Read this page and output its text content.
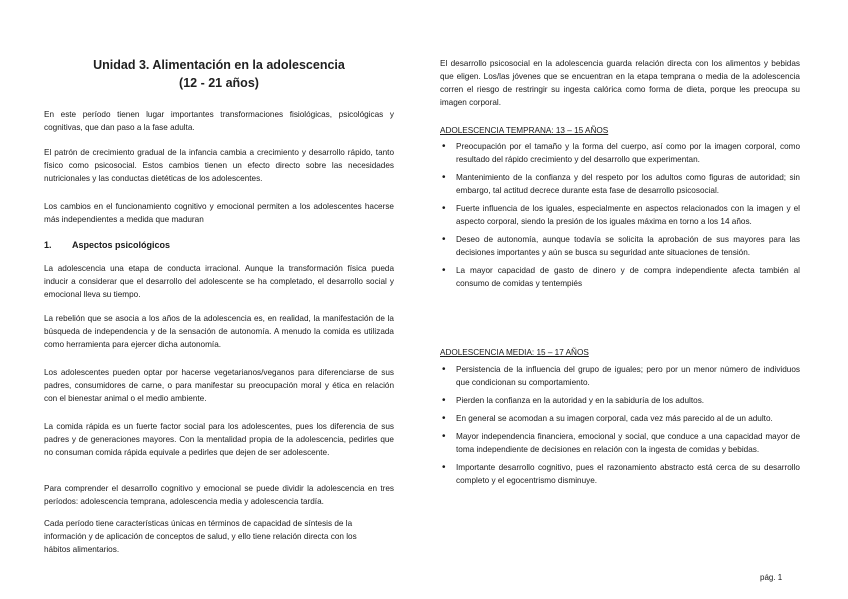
Unidad 3. Alimentación en la adolescencia
(12 - 21 años)

En este período tienen lugar importantes transformaciones fisiológicas, psicológicas y cognitivas, que dan paso a la fase adulta.

El patrón de crecimiento gradual de la infancia cambia a crecimiento y desarrollo rápido, tanto físico como psicosocial. Estos cambios tienen un efecto directo sobre las necesidades nutricionales y las conductas dietéticas de los adolescentes.

Los cambios en el funcionamiento cognitivo y emocional permiten a los adolescentes hacerse más independientes a medida que maduran

1. Aspectos psicológicos

La adolescencia una etapa de conducta irracional. Aunque la transformación física pueda inducir a considerar que el desarrollo del adolescente se ha completado, el desarrollo social y emocional lleva su tiempo.

La rebelión que se asocia a los años de la adolescencia es, en realidad, la manifestación de la búsqueda de independencia y de la sensación de autonomía. A menudo la comida es utilizada como herramienta para ejercer dicha autonomía.

Los adolescentes pueden optar por hacerse vegetarianos/veganos para diferenciarse de sus padres, consumidores de carne, o para manifestar su preocupación moral y ética en relación con el bienestar animal o el medio ambiente.

La comida rápida es un fuerte factor social para los adolescentes, pues los diferencia de sus padres y de generaciones mayores. Con la mentalidad propia de la adolescencia, pedirles que no consuman comida rápida equivale a pedirles que dejen de ser adolescente.

Para comprender el desarrollo cognitivo y emocional se puede dividir la adolescencia en tres períodos: adolescencia temprana, adolescencia media y adolescencia tardía.

Cada período tiene características únicas en términos de capacidad de síntesis de la información y de aplicación de conceptos de salud, y ello tiene relación directa con los hábitos alimentarios.

El desarrollo psicosocial en la adolescencia guarda relación directa con los alimentos y bebidas que eligen. Los/las jóvenes que se encuentran en la etapa temprana o media de la adolescencia corren el riesgo de restringir su ingesta calórica como forma de dieta, porque les preocupa su imagen corporal.

ADOLESCENCIA TEMPRANA: 13 – 15 AÑOS
• Preocupación por el tamaño y la forma del cuerpo, así como por la imagen corporal, como resultado del rápido crecimiento y del desarrollo que experimentan.
• Mantenimiento de la confianza y del respeto por los adultos como figuras de autoridad; sin embargo, tal actitud decrece durante esta fase de desarrollo psicosocial.
• Fuerte influencia de los iguales, especialmente en aspectos relacionados con la imagen y el aspecto corporal, siendo la presión de los iguales máxima en torno a los 14 años.
• Deseo de autonomía, aunque todavía se solicita la aprobación de sus mayores para las decisiones importantes y aún se busca su seguridad ante situaciones de tensión.
• La mayor capacidad de gasto de dinero y de compra independiente afecta también al consumo de comidas y tentempiés
ADOLESCENCIA MEDIA: 15 – 17 AÑOS
• Persistencia de la influencia del grupo de iguales; pero por un menor número de individuos que condicionan su comportamiento.
• Pierden la confianza en la autoridad y en la sabiduría de los adultos.
• En general se acomodan a su imagen corporal, cada vez más parecido al de un adulto.
• Mayor independencia financiera, emocional y social, que conduce a una capacidad mayor de toma independiente de decisiones en relación con la ingesta de comidas y bebidas.
• Importante desarrollo cognitivo, pues el razonamiento abstracto está cerca de su desarrollo completo y el egocentrismo disminuye.
pág. 1
